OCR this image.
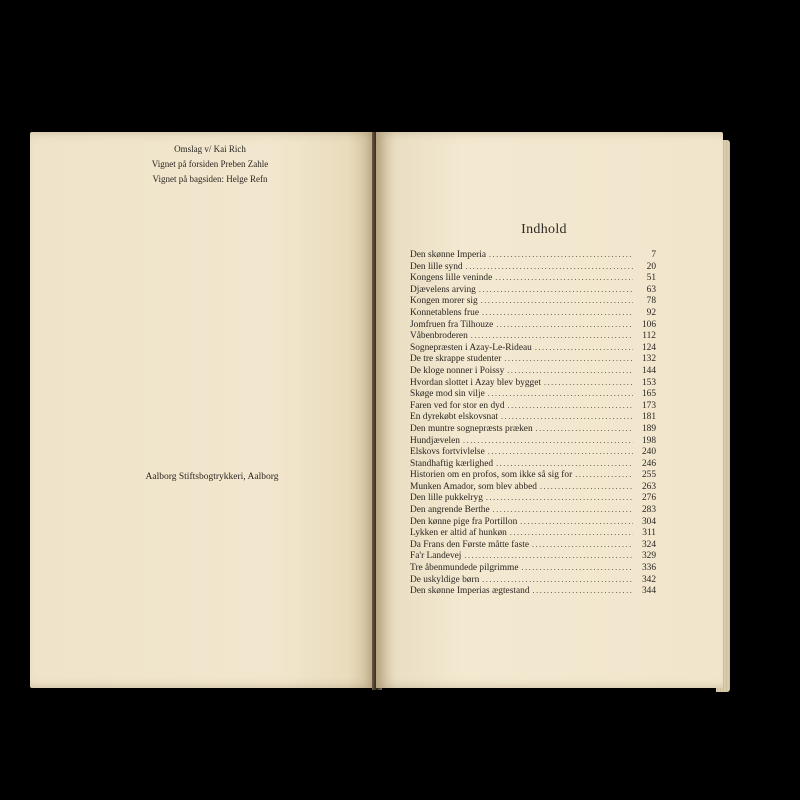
Omslag v/ Kai Rich
Vignet på forsiden Preben Zahle
Vignet på bagsiden: Helge Refn
Aalborg Stiftsbogtrykkeri, Aalborg
Indhold
Den skønne Imperia .....	7
Den lille synd .....	20
Kongens lille veninde .....	51
Djævelens arving .....	63
Kongen morer sig .....	78
Konnetablens frue .....	92
Jomfruen fra Tilhouze .....	106
Våbenbroderen .....	112
Sognepræsten i Azay-Le-Rideau .....	124
De tre skrappe studenter .....	132
De kloge nonner i Poissy .....	144
Hvordan slottet i Azay blev bygget .....	153
Skøge mod sin vilje .....	165
Faren ved for stor en dyd .....	173
En dyrekøbt elskovsnat .....	181
Den muntre sognepræsts præken .....	189
Hundjævelen .....	198
Elskovs fortvivlelse .....	240
Standhaftig kærlighed .....	246
Historien om en profos, som ikke så sig for .....	255
Munken Amador, som blev abbed .....	263
Den lille pukkelryg .....	276
Den angrende Berthe .....	283
Den kønne pige fra Portillon .....	304
Lykken er altid af hunkøn .....	311
Da Frans den Første måtte faste .....	324
Fa'r Landevej .....	329
Tre åbenmundede pilgrimme .....	336
De uskyldige børn .....	342
Den skønne Imperias ægtestand .....	344
